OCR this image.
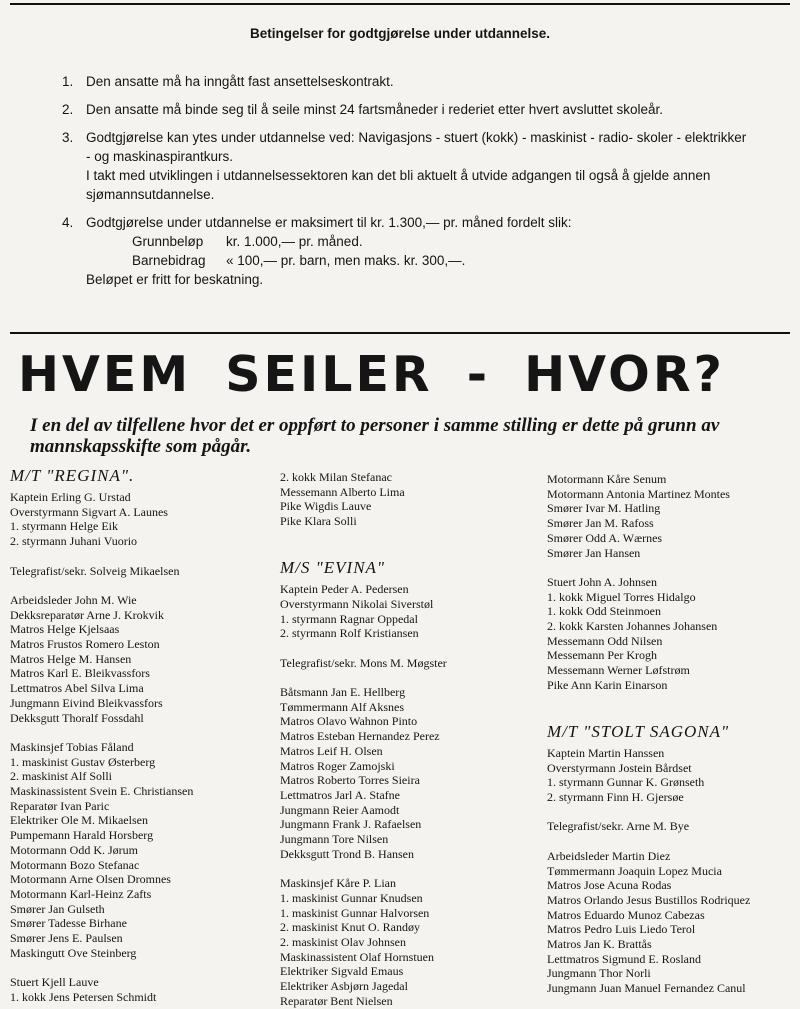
Betingelser for godtgjørelse under utdannelse.
1. Den ansatte må ha inngått fast ansettelseskontrakt.

2. Den ansatte må binde seg til å seile minst 24 fartsmåneder i rederiet etter hvert avsluttet skoleår.

3. Godtgjørelse kan ytes under utdannelse ved: Navigasjons - stuert (kokk) - maskinist - radio- skoler - elektrikker - og maskinaspirantkurs.

I takt med utviklingen i utdannelsessektoren kan det bli aktuelt å utvide adgangen til også å gjelde annen sjømannsutdannelse.

4. Godtgjørelse under utdannelse er maksimert til kr. 1.300,— pr. måned fordelt slik:

Grunnbeløp kr. 1.000,— pr. måned.
Barnebidrag « 100,— pr. barn, men maks. kr. 300,—.

Beløpet er fritt for beskatning.

HVEM SEILER - HVOR?

I en del av tilfellene hvor det er oppført to personer i samme stilling er dette på grunn av mannskapsskifte som pågår.

M/T "REGINA".
Kaptein Erling G. Urstad
Overstyrmann Sigvart A. Launes
1. styrmann Helge Eik
2. styrmann Juhani Vuorio
Telegrafist/sekr. Solveig Mikaelsen
Arbeidsleder John M. Wie
Dekksreparatør Arne J. Krokvik
Matros Helge Kjelsaas
Matros Frustos Romero Leston
Matros Helge M. Hansen
Matros Karl E. Bleikvassfors
Lettmatros Abel Silva Lima
Jungmann Eivind Bleikvassfors
Dekksgutt Thoralf Fossdahl
Maskinsjef Tobias Fåland
1. maskinist Gustav Østerberg
2. maskinist Alf Solli
Maskinassistent Svein E. Christiansen
Reparatør Ivan Paric
Elektriker Ole M. Mikaelsen
Pumpemann Harald Horsberg
Motormann Odd K. Jørum
Motormann Bozo Stefanac
Motormann Arne Olsen Dromnes
Motormann Karl-Heinz Zafts
Smører Jan Gulseth
Smører Tadesse Birhane
Smører Jens E. Paulsen
Maskingutt Ove Steinberg
Stuert Kjell Lauve
1. kokk Jens Petersen Schmidt
2. kokk Milan Stefanac
Messemann Alberto Lima
Pike Wigdis Lauve
Pike Klara Solli
M/S "EVINA"
Kaptein Peder A. Pedersen
Overstyrmann Nikolai Siverstøl
1. styrmann Ragnar Oppedal
2. styrmann Rolf Kristiansen
Telegrafist/sekr. Mons M. Møgster
Båtsmann Jan E. Hellberg
Tømmermann Alf Aksnes
Matros Olavo Wahnon Pinto
Matros Esteban Hernandez Perez
Matros Leif H. Olsen
Matros Roger Zamojski
Matros Roberto Torres Sieira
Lettmatros Jarl A. Stafne
Jungmann Reier Aamodt
Jungmann Frank J. Rafaelsen
Jungmann Tore Nilsen
Dekksgutt Trond B. Hansen
Maskinsjef Kåre P. Lian
1. maskinist Gunnar Knudsen
1. maskinist Gunnar Halvorsen
2. maskinist Knut O. Randøy
2. maskinist Olav Johnsen
Maskinassistent Olaf Hornstuen
Elektriker Sigvald Emaus
Elektriker Asbjørn Jagedal
Reparatør Bent Nielsen
Motormann Kåre Senum
Motormann Antonia Martinez Montes
Smører Ivar M. Hatling
Smører Jan M. Rafoss
Smører Odd A. Wærnes
Smører Jan Hansen
Stuert John A. Johnsen
1. kokk Miguel Torres Hidalgo
1. kokk Odd Steinmoen
2. kokk Karsten Johannes Johansen
Messemann Odd Nilsen
Messemann Per Krogh
Messemann Werner Løfstrøm
Pike Ann Karin Einarson
M/T "STOLT SAGONA"
Kaptein Martin Hanssen
Overstyrmann Jostein Bårdset
1. styrmann Gunnar K. Grønseth
2. styrmann Finn H. Gjersøe
Telegrafist/sekr. Arne M. Bye
Arbeidsleder Martin Diez
Tømmermann Joaquin Lopez Mucia
Matros Jose Acuna Rodas
Matros Orlando Jesus Bustillos Rodriquez
Matros Eduardo Munoz Cabezas
Matros Pedro Luis Liedo Terol
Matros Jan K. Brattås
Lettmatros Sigmund E. Rosland
Jungmann Thor Norli
Jungmann Juan Manuel Fernandez Canul
